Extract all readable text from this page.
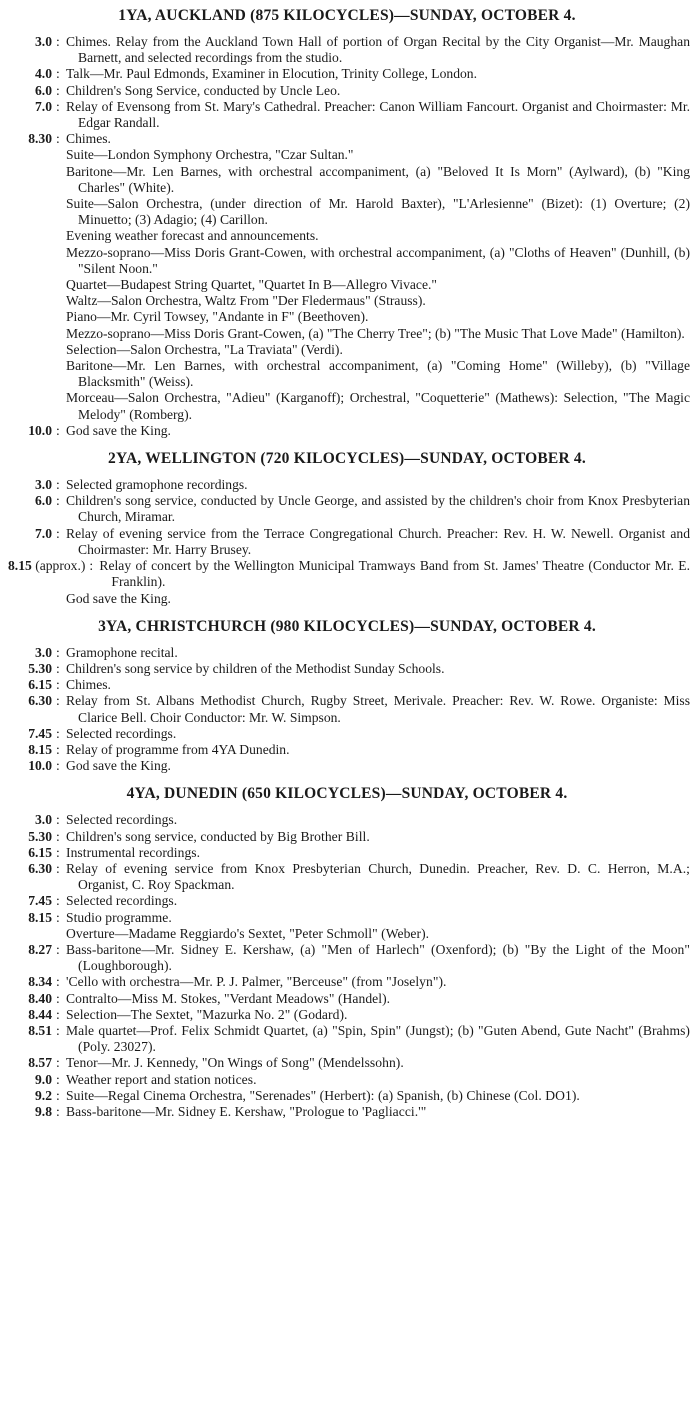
1YA, AUCKLAND (875 KILOCYCLES)—SUNDAY, OCTOBER 4.
3.0 : Chimes. Relay from the Auckland Town Hall of portion of Organ Recital by the City Organist—Mr. Maughan Barnett, and selected recordings from the studio.
4.0 : Talk—Mr. Paul Edmonds, Examiner in Elocution, Trinity College, London.
6.0 : Children's Song Service, conducted by Uncle Leo.
7.0 : Relay of Evensong from St. Mary's Cathedral. Preacher: Canon William Fancourt. Organist and Choirmaster: Mr. Edgar Randall.
8.30 : Chimes.
Suite—London Symphony Orchestra, "Czar Sultan."
Baritone—Mr. Len Barnes, with orchestral accompaniment, (a) "Beloved It Is Morn" (Aylward), (b) "King Charles" (White).
Suite—Salon Orchestra, (under direction of Mr. Harold Baxter), "L'Arlesienne" (Bizet): (1) Overture; (2) Minuetto; (3) Adagio; (4) Carillon.
Evening weather forecast and announcements.
Mezzo-soprano—Miss Doris Grant-Cowen, with orchestral accompaniment, (a) "Cloths of Heaven" (Dunhill, (b) "Silent Noon."
Quartet—Budapest String Quartet, "Quartet In B—Allegro Vivace."
Waltz—Salon Orchestra, Waltz From "Der Fledermaus" (Strauss).
Piano—Mr. Cyril Towsey, "Andante in F" (Beethoven).
Mezzo-soprano—Miss Doris Grant-Cowen, (a) "The Cherry Tree"; (b) "The Music That Love Made" (Hamilton).
Selection—Salon Orchestra, "La Traviata" (Verdi).
Baritone—Mr. Len Barnes, with orchestral accompaniment, (a) "Coming Home" (Willeby), (b) "Village Blacksmith" (Weiss).
Morceau—Salon Orchestra, "Adieu" (Karganoff); Orchestral, "Coquetterie" (Mathews): Selection, "The Magic Melody" (Romberg).
10.0 : God save the King.
2YA, WELLINGTON (720 KILOCYCLES)—SUNDAY, OCTOBER 4.
3.0 : Selected gramophone recordings.
6.0 : Children's song service, conducted by Uncle George, and assisted by the children's choir from Knox Presbyterian Church, Miramar.
7.0 : Relay of evening service from the Terrace Congregational Church. Preacher: Rev. H. W. Newell. Organist and Choirmaster: Mr. Harry Brusey.
8.15 (approx.) : Relay of concert by the Wellington Municipal Tramways Band from St. James' Theatre (Conductor Mr. E. Franklin).
God save the King.
3YA, CHRISTCHURCH (980 KILOCYCLES)—SUNDAY, OCTOBER 4.
3.0 : Gramophone recital.
5.30 : Children's song service by children of the Methodist Sunday Schools.
6.15 : Chimes.
6.30 : Relay from St. Albans Methodist Church, Rugby Street, Merivale. Preacher: Rev. W. Rowe. Organiste: Miss Clarice Bell. Choir Conductor: Mr. W. Simpson.
7.45 : Selected recordings.
8.15 : Relay of programme from 4YA Dunedin.
10.0 : God save the King.
4YA, DUNEDIN (650 KILOCYCLES)—SUNDAY, OCTOBER 4.
3.0 : Selected recordings.
5.30 : Children's song service, conducted by Big Brother Bill.
6.15 : Instrumental recordings.
6.30 : Relay of evening service from Knox Presbyterian Church, Dunedin. Preacher, Rev. D. C. Herron, M.A.; Organist, C. Roy Spackman.
7.45 : Selected recordings.
8.15 : Studio programme.
Overture—Madame Reggiardo's Sextet, "Peter Schmoll" (Weber).
8.27 : Bass-baritone—Mr. Sidney E. Kershaw, (a) "Men of Harlech" (Oxenford); (b) "By the Light of the Moon" (Loughborough).
8.34 : 'Cello with orchestra—Mr. P. J. Palmer, "Berceuse" (from "Joselyn").
8.40 : Contralto—Miss M. Stokes, "Verdant Meadows" (Handel).
8.44 : Selection—The Sextet, "Mazurka No. 2" (Godard).
8.51 : Male quartet—Prof. Felix Schmidt Quartet, (a) "Spin, Spin" (Jungst); (b) "Guten Abend, Gute Nacht" (Brahms) (Poly. 23027).
8.57 : Tenor—Mr. J. Kennedy, "On Wings of Song" (Mendelssohn).
9.0 : Weather report and station notices.
9.2 : Suite—Regal Cinema Orchestra, "Serenades" (Herbert): (a) Spanish, (b) Chinese (Col. DO1).
9.8 : Bass-baritone—Mr. Sidney E. Kershaw, "Prologue to 'Pagliacci.'"
